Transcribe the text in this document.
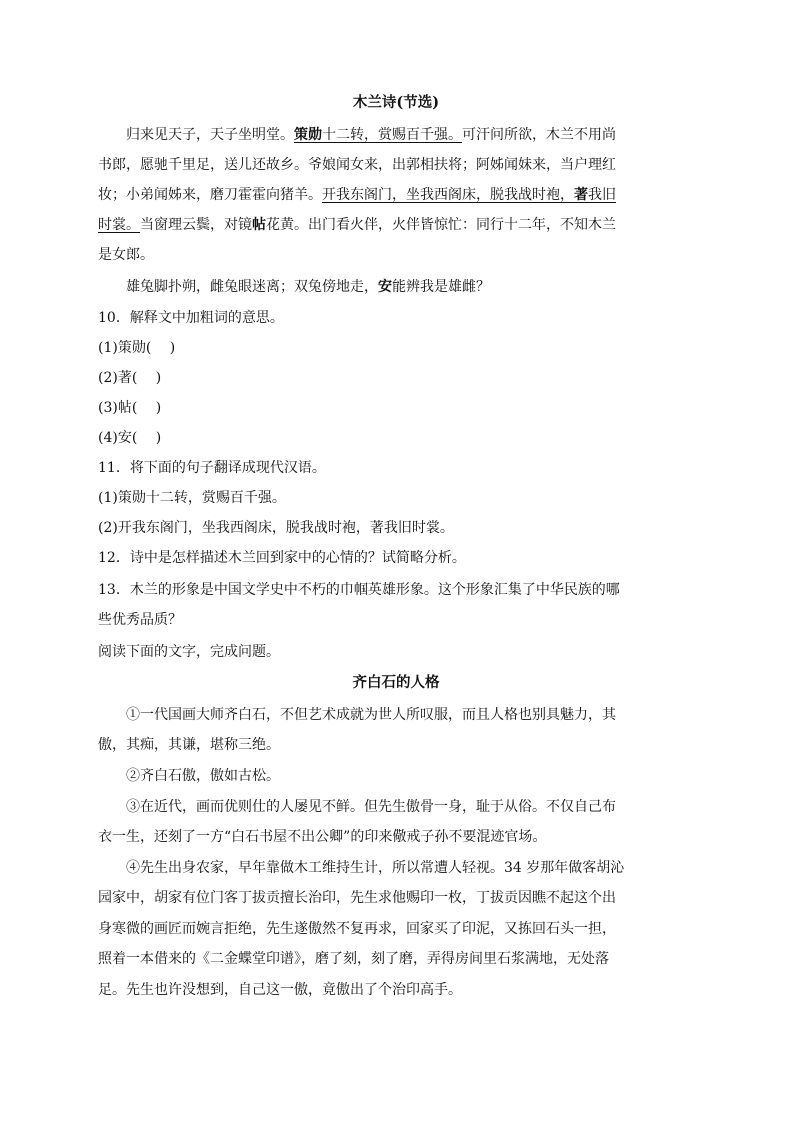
木兰诗(节选)
归来见天子，天子坐明堂。策勋十二转，赏赐百千强。可汗问所欲，木兰不用尚
书郎，愿驰千里足，送儿还故乡。爷娘闻女来，出郭相扶将；阿姊闻妹来，当户理红
妆；小弟闻姊来，磨刀霍霍向猪羊。开我东阁门，坐我西阁床，脱我战时袍，著我旧
时裳。当窗理云鬓，对镜帖花黄。出门看火伴，火伴皆惊忙：同行十二年，不知木兰
是女郎。
雄兔脚扑朔，雌兔眼迷离；双兔傍地走，安能辨我是雄雌？
10．解释文中加粗词的意思。
(1)策勋(　 )
(2)著(　 )
(3)帖(　 )
(4)安(　 )
11．将下面的句子翻译成现代汉语。
(1)策勋十二转，赏赐百千强。
(2)开我东阁门，坐我西阁床，脱我战时袍，著我旧时裳。
12．诗中是怎样描述木兰回到家中的心情的？试简略分析。
13．木兰的形象是中国文学史中不朽的巾帼英雄形象。这个形象汇集了中华民族的哪
些优秀品质？
阅读下面的文字，完成问题。
齐白石的人格
①一代国画大师齐白石，不但艺术成就为世人所叹服，而且人格也别具魅力，其
傲，其痴，其谦，堪称三绝。
②齐白石傲，傲如古松。
③在近代，画而优则仕的人屡见不鲜。但先生傲骨一身，耻于从俗。不仅自己布
衣一生，还刻了一方“白石书屋不出公卿”的印来儆戒子孙不要混迹官场。
④先生出身农家，早年靠做木工维持生计，所以常遭人轻视。34 岁那年做客胡沁
园家中，胡家有位门客丁拔贡擅长治印，先生求他赐印一枚，丁拔贡因瞧不起这个出
身寒微的画匠而婉言拒绝，先生遂傲然不复再求，回家买了印泥，又拣回石头一担，
照着一本借来的《二金蝶堂印谱》，磨了刻，刻了磨，弄得房间里石浆满地，无处落
足。先生也许没想到，自己这一傲，竟傲出了个治印高手。
